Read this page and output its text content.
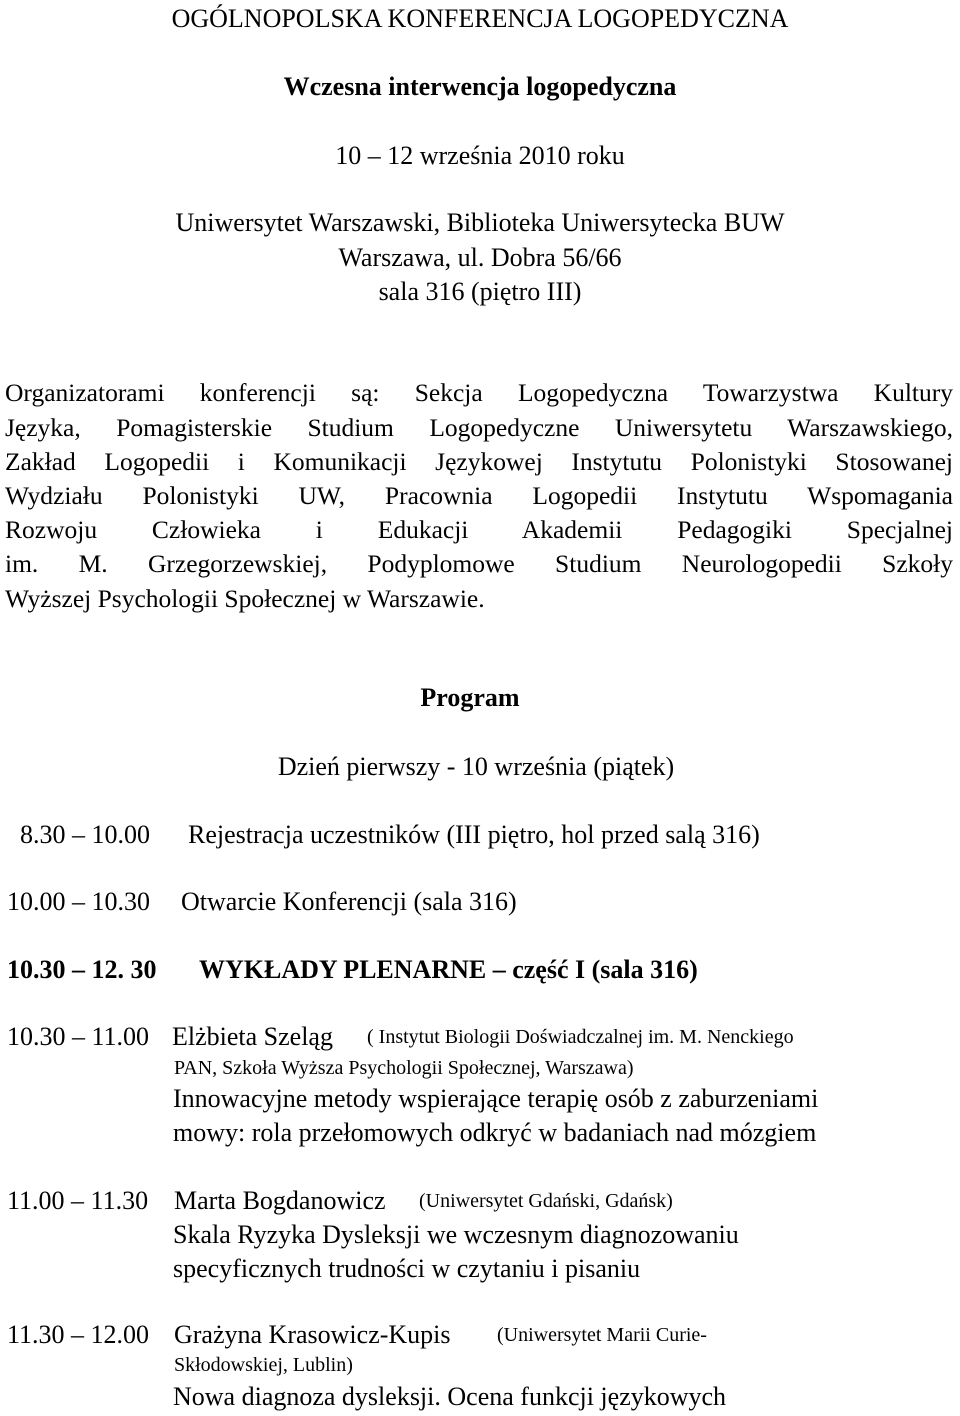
OGÓLNOPOLSKA KONFERENCJA LOGOPEDYCZNA
Wczesna interwencja logopedyczna
10 – 12 września 2010 roku
Uniwersytet Warszawski, Biblioteka Uniwersytecka BUW
Warszawa, ul. Dobra 56/66
sala 316 (piętro III)
Organizatorami konferencji są: Sekcja Logopedyczna Towarzystwa Kultury
Języka, Pomagisterskie Studium Logopedyczne Uniwersytetu Warszawskiego,
Zakład Logopedii i Komunikacji Językowej Instytutu Polonistyki Stosowanej
Wydziału Polonistyki UW, Pracownia Logopedii Instytutu Wspomagania
Rozwoju Człowieka i Edukacji Akademii Pedagogiki Specjalnej
im. M. Grzegorzewskiej, Podyplomowe Studium Neurologopedii Szkoły
Wyższej Psychologii Społecznej w Warszawie.
Program
Dzień pierwszy - 10 września (piątek)
8.30 – 10.00 Rejestracja uczestników (III piętro, hol przed salą 316)
10.00 – 10.30 Otwarcie Konferencji (sala 316)
10.30 – 12. 30 WYKŁADY PLENARNE – część I (sala 316)
10.30 – 11.00 Elżbieta Szeląg ( Instytut Biologii Doświadczalnej im. M. Nenckiego
PAN, Szkoła Wyższa Psychologii Społecznej, Warszawa)
Innowacyjne metody wspierające terapię osób z zaburzeniami
mowy: rola przełomowych odkryć w badaniach nad mózgiem
11.00 – 11.30 Marta Bogdanowicz (Uniwersytet Gdański, Gdańsk)
Skala Ryzyka Dysleksji we wczesnym diagnozowaniu
specyficznych trudności w czytaniu i pisaniu
11.30 – 12.00 Grażyna Krasowicz-Kupis (Uniwersytet Marii Curie-
Skłodowskiej, Lublin)
Nowa diagnoza dysleksji. Ocena funkcji językowych
